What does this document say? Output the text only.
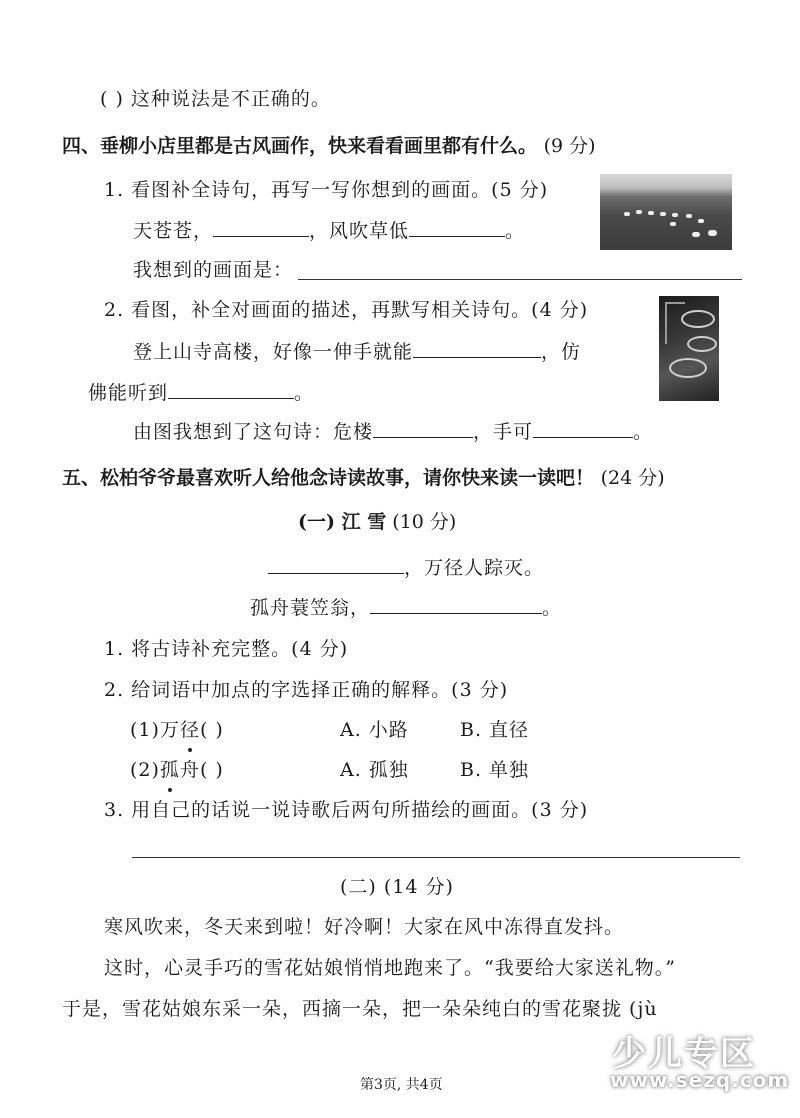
( ) 这种说法是不正确的。
四、垂柳小店里都是古风画作，快来看看画里都有什么。 (9 分)
1. 看图补全诗句，再写一写你想到的画面。(5 分)
天苍苍，	，风吹草低	。
我想到的画面是：
2. 看图，补全对画面的描述，再默写相关诗句。(4 分)
登上山寺高楼，好像一伸手就能	，仿
佛能听到	。
由图我想到了这句诗：危楼	，手可	。
五、松柏爷爷最喜欢听人给他念诗读故事，请你快来读一读吧！ (24 分)
(一) 江 雪 (10 分)
，万径人踪灭。
孤舟蓑笠翁，	。
1. 将古诗补充完整。(4 分)
2. 给词语中加点的字选择正确的解释。(3 分)
(1)万径( )	A. 小路	B. 直径
(2)孤舟( )	A. 孤独	B. 单独
3. 用自己的话说一说诗歌后两句所描绘的画面。(3 分)
(二) (14 分)
寒风吹来，冬天来到啦！好冷啊！大家在风中冻得直发抖。
这时，心灵手巧的雪花姑娘悄悄地跑来了。“我要给大家送礼物。”
于是，雪花姑娘东采一朵，西摘一朵，把一朵朵纯白的雪花聚拢 (jù
第3页, 共4页
少儿专区
www.sezq.com
